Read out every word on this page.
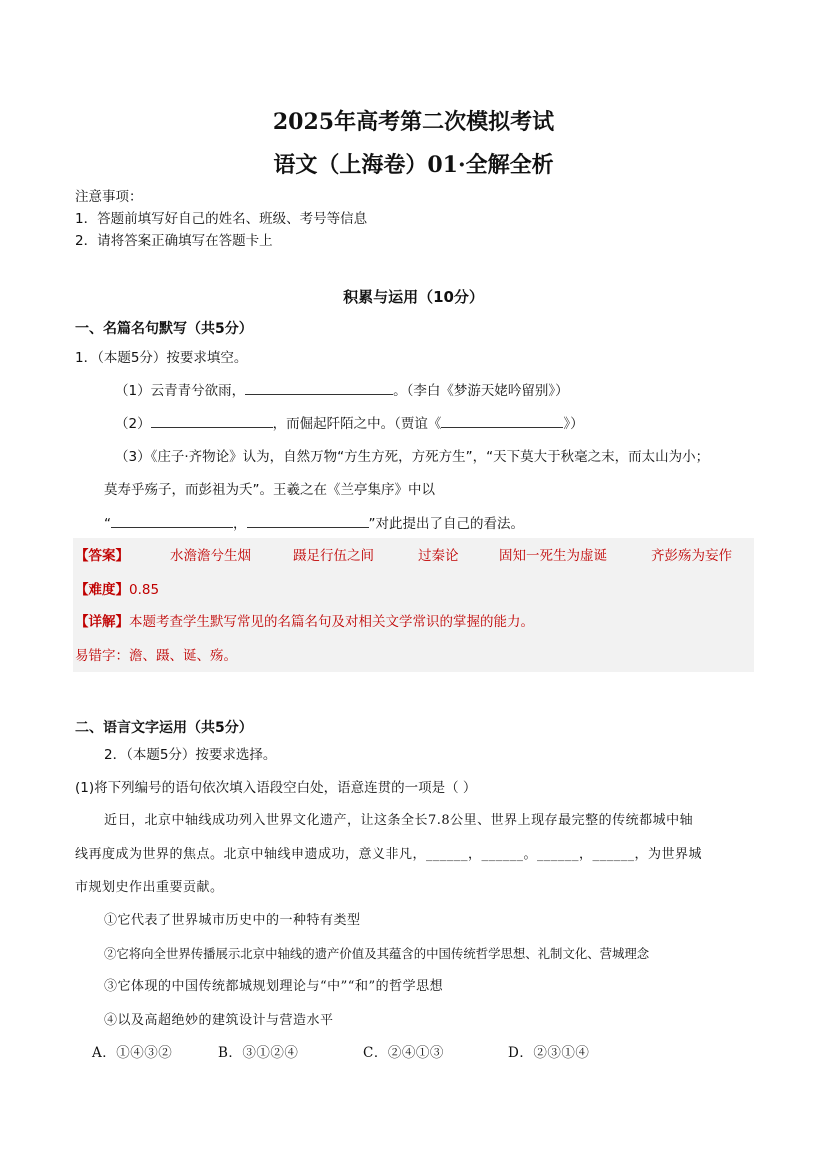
2025年高考第二次模拟考试
语文（上海卷）01·全解全析
注意事项：
1．答题前填写好自己的姓名、班级、考号等信息
2．请将答案正确填写在答题卡上
积累与运用（10分）
一、名篇名句默写（共5分）
1．（本题5分）按要求填空。
（1）云青青兮欲雨，	。（李白《梦游天姥吟留别》）
（2）	，而倔起阡陌之中。（贾谊《	》）
（3）《庄子·齐物论》认为，自然万物“方生方死，方死方生”，“天下莫大于秋毫之末，而太山为小；
莫寿乎殇子，而彭祖为夭”。王羲之在《兰亭集序》中以
“	，	”对此提出了自己的看法。
【答案】	水澹澹兮生烟	蹑足行伍之间	过秦论	固知一死生为虚诞	齐彭殇为妄作
【难度】0.85
【详解】本题考查学生默写常见的名篇名句及对相关文学常识的掌握的能力。
易错字：澹、蹑、诞、殇。
二、语言文字运用（共5分）
2．（本题5分）按要求选择。
(1)将下列编号的语句依次填入语段空白处，语意连贯的一项是（ ）
近日，北京中轴线成功列入世界文化遗产，让这条全长7.8公里、世界上现存最完整的传统都城中轴
线再度成为世界的焦点。北京中轴线申遗成功，意义非凡，______，______。______，______，为世界城
市规划史作出重要贡献。
①它代表了世界城市历史中的一种特有类型
②它将向全世界传播展示北京中轴线的遗产价值及其蕴含的中国传统哲学思想、礼制文化、营城理念
③它体现的中国传统都城规划理论与“中”“和”的哲学思想
④以及高超绝妙的建筑设计与营造水平
A．①④③②	B．③①②④	C．②④①③	D．②③①④
